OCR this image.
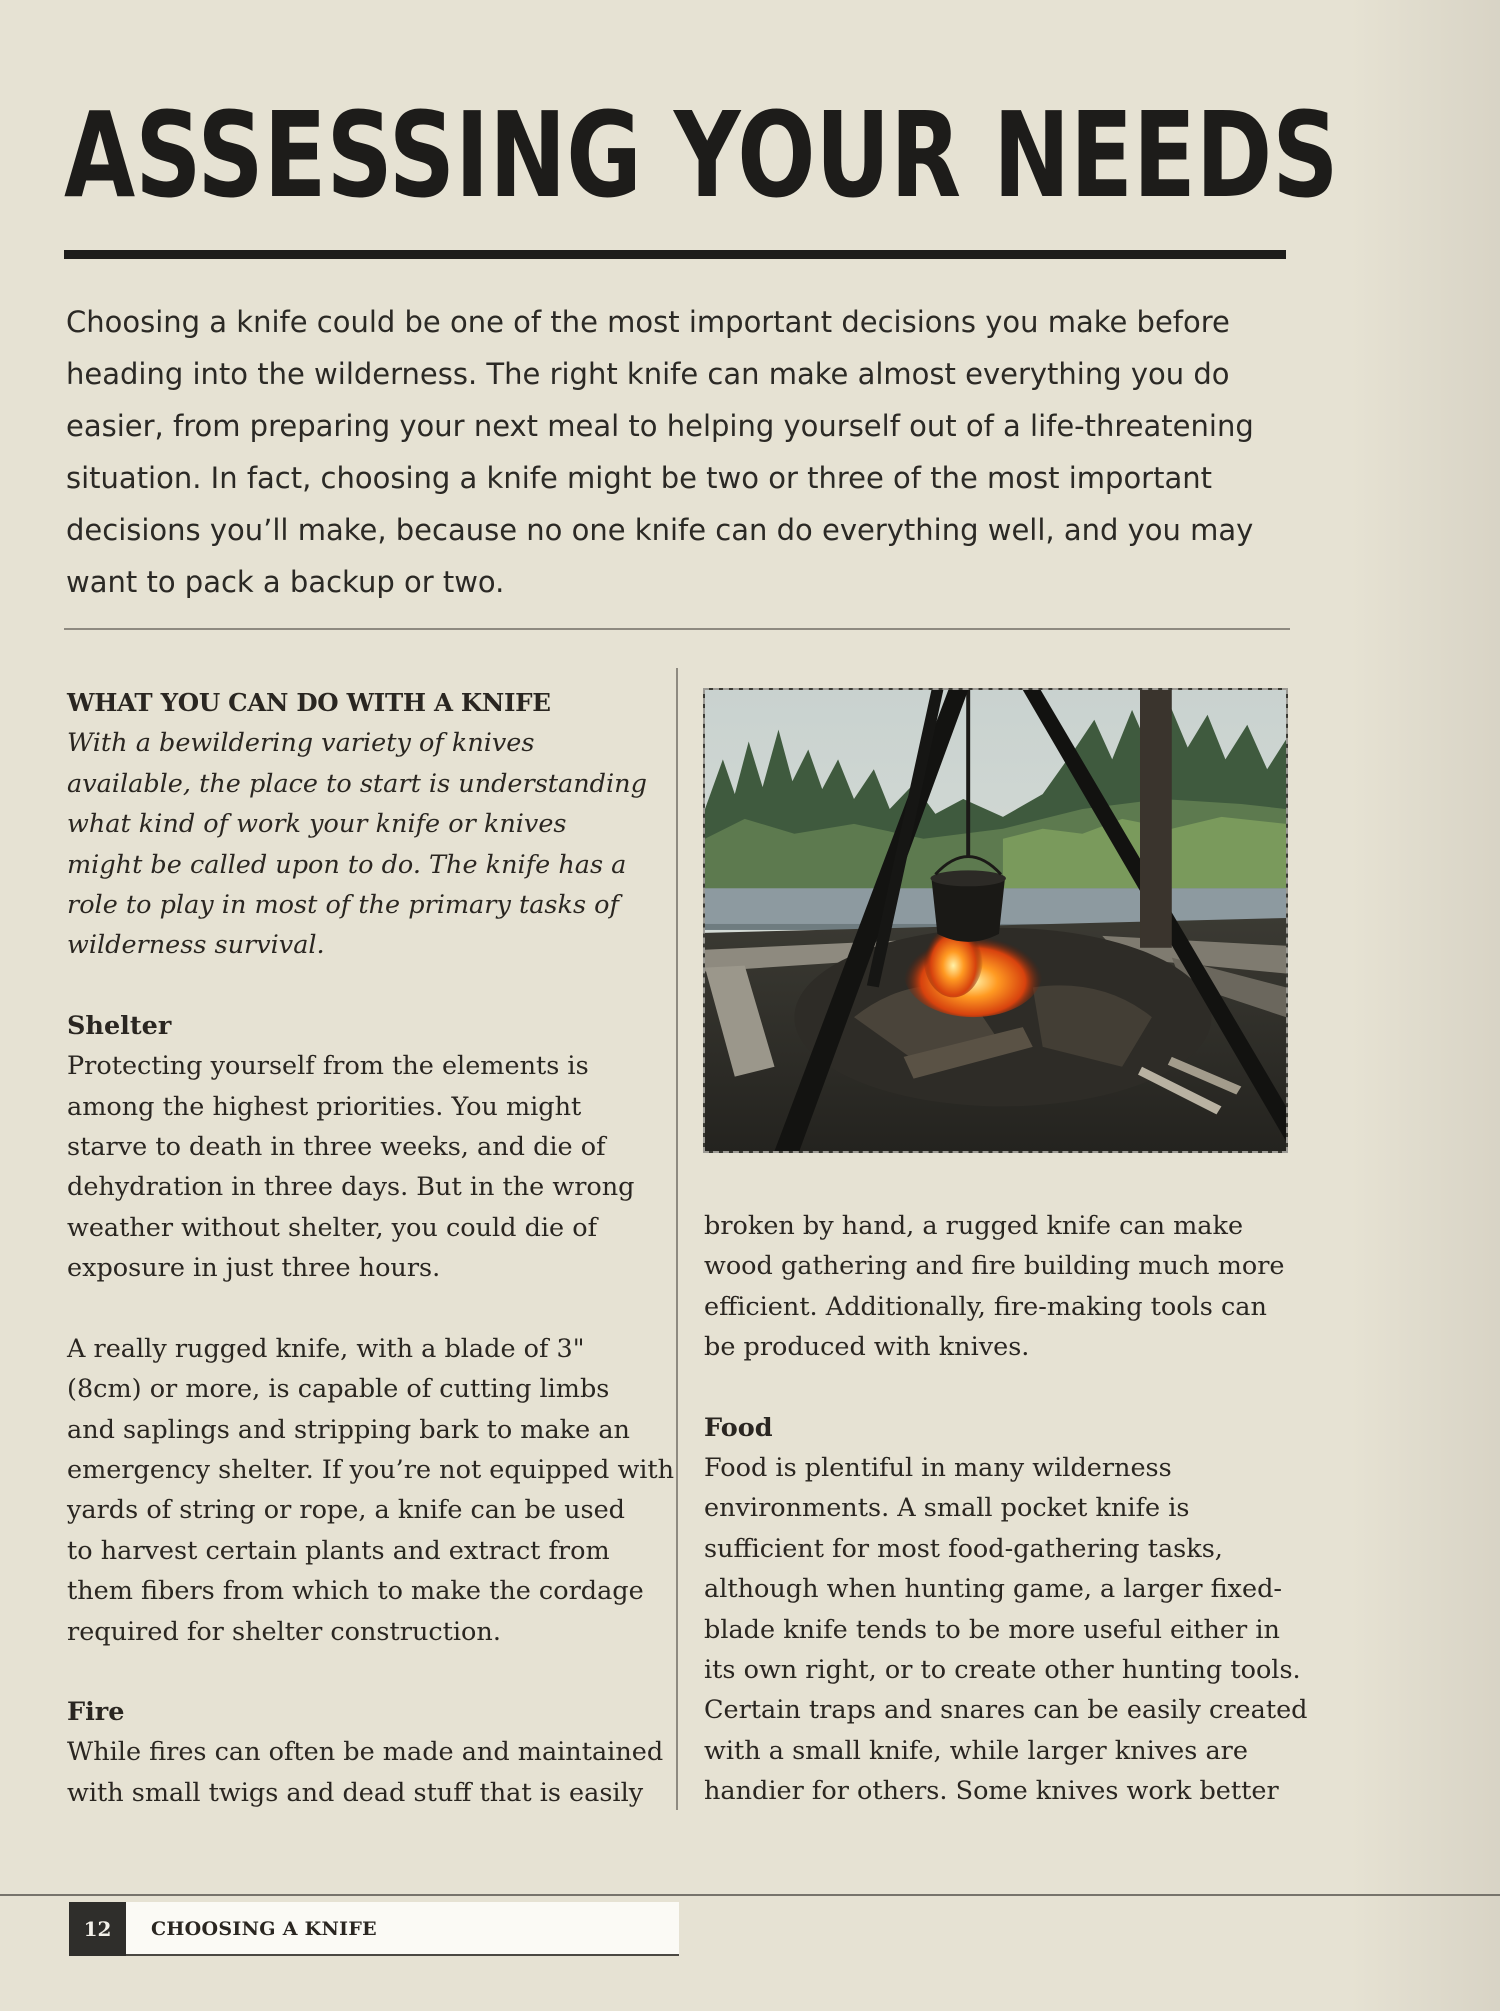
ASSESSING YOUR NEEDS
Choosing a knife could be one of the most important decisions you make before
heading into the wilderness. The right knife can make almost everything you do
easier, from preparing your next meal to helping yourself out of a life-threatening
situation. In fact, choosing a knife might be two or three of the most important
decisions you’ll make, because no one knife can do everything well, and you may
want to pack a backup or two.

WHAT YOU CAN DO WITH A KNIFE

With a bewildering variety of knives

available, the place to start is understanding

what kind of work your knife or knives

might be called upon to do. The knife has a

role to play in most of the primary tasks of

wilderness survival.

Shelter

Protecting yourself from the elements is

among the highest priorities. You might

starve to death in three weeks, and die of

dehydration in three days. But in the wrong

weather without shelter, you could die of

exposure in just three hours.

A really rugged knife, with a blade of 3"

(8cm) or more, is capable of cutting limbs

and saplings and stripping bark to make an

emergency shelter. If you’re not equipped with

yards of string or rope, a knife can be used

to harvest certain plants and extract from

them fibers from which to make the cordage

required for shelter construction.

Fire

While fires can often be made and maintained

with small twigs and dead stuff that is easily

broken by hand, a rugged knife can make

wood gathering and fire building much more

efficient. Additionally, fire-making tools can

be produced with knives.

Food

Food is plentiful in many wilderness

environments. A small pocket knife is

sufficient for most food-gathering tasks,

although when hunting game, a larger fixed-

blade knife tends to be more useful either in

its own right, or to create other hunting tools.

Certain traps and snares can be easily created

with a small knife, while larger knives are

handier for others. Some knives work better

12	CHOOSING A KNIFE
